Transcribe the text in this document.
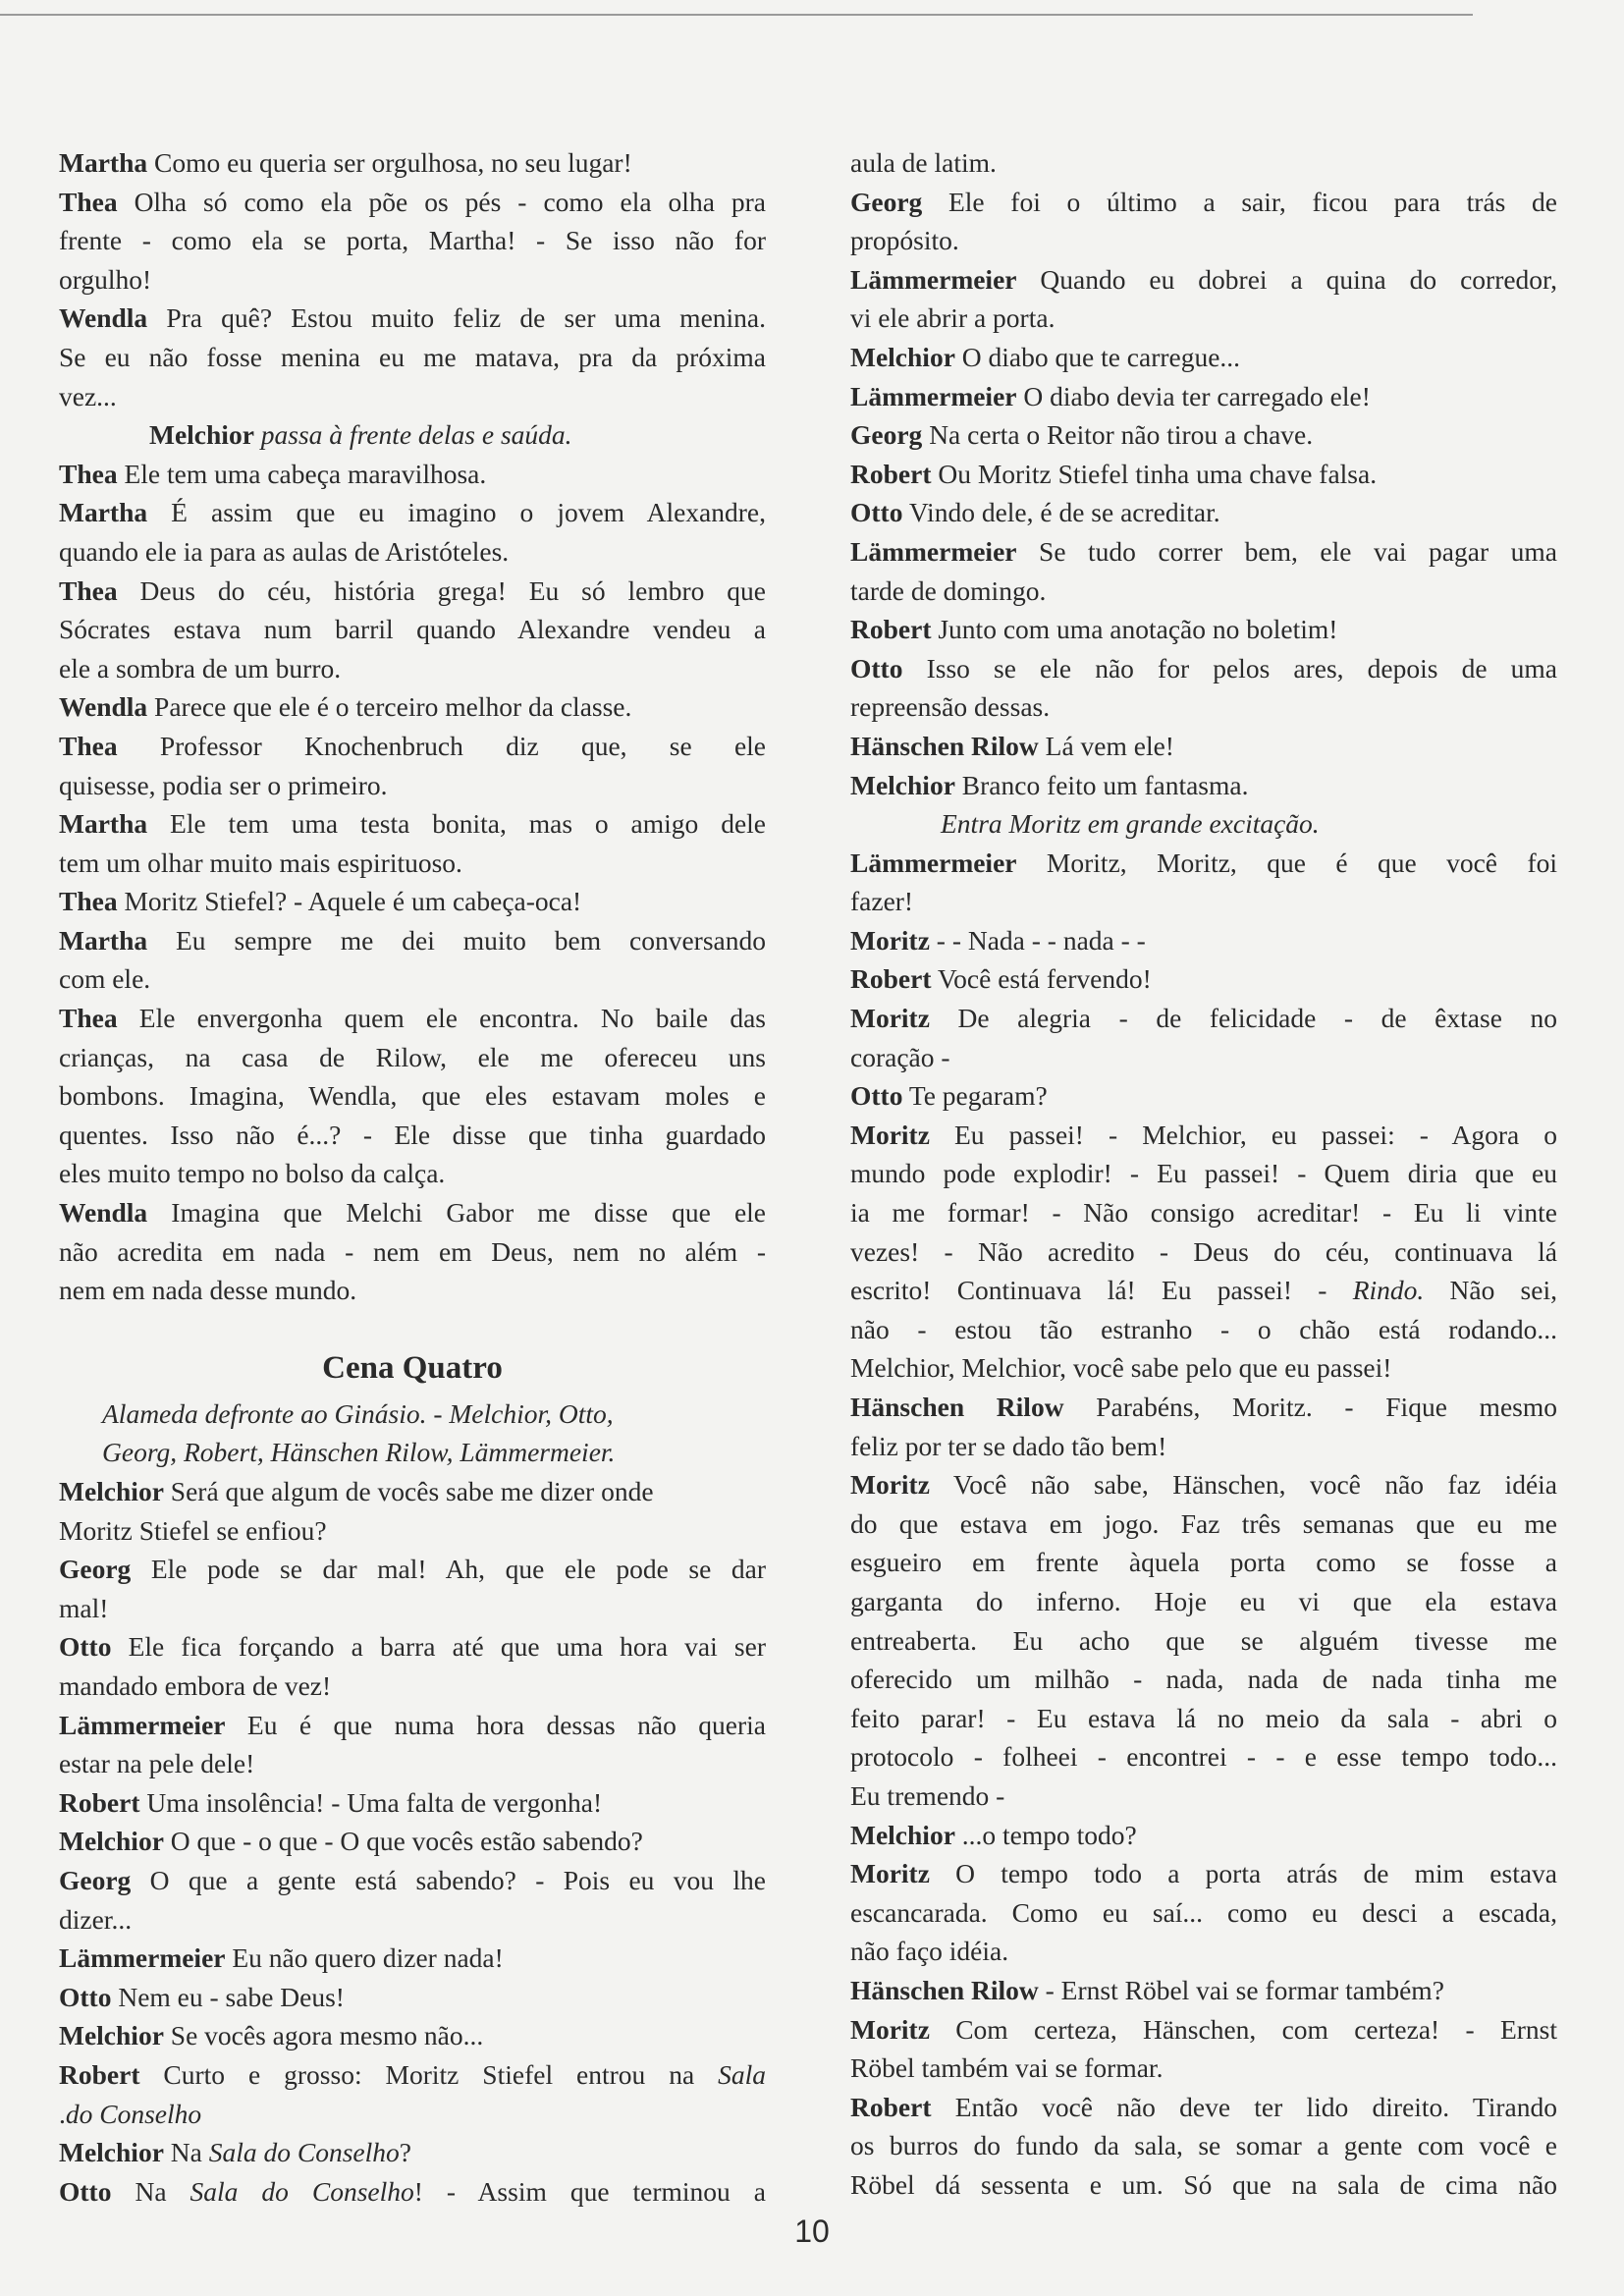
Martha Como eu queria ser orgulhosa, no seu lugar!

Thea Olha só como ela põe os pés - como ela olha pra

frente - como ela se porta, Martha! - Se isso não for

orgulho!

Wendla Pra quê? Estou muito feliz de ser uma menina.

Se eu não fosse menina eu me matava, pra da próxima

vez...

Melchior passa à frente delas e saúda.

Thea Ele tem uma cabeça maravilhosa.

Martha É assim que eu imagino o jovem Alexandre,

quando ele ia para as aulas de Aristóteles.

Thea Deus do céu, história grega! Eu só lembro que

Sócrates estava num barril quando Alexandre vendeu a

ele a sombra de um burro.

Wendla Parece que ele é o terceiro melhor da classe.

Thea Professor Knochenbruch diz que, se ele

quisesse, podia ser o primeiro.

Martha Ele tem uma testa bonita, mas o amigo dele

tem um olhar muito mais espirituoso.

Thea Moritz Stiefel? - Aquele é um cabeça-oca!

Martha Eu sempre me dei muito bem conversando

com ele.

Thea Ele envergonha quem ele encontra. No baile das

crianças, na casa de Rilow, ele me ofereceu uns

bombons. Imagina, Wendla, que eles estavam moles e

quentes. Isso não é...? - Ele disse que tinha guardado

eles muito tempo no bolso da calça.

Wendla Imagina que Melchi Gabor me disse que ele

não acredita em nada - nem em Deus, nem no além -

nem em nada desse mundo.

Cena Quatro

Alameda defronte ao Ginásio. - Melchior, Otto,

Georg, Robert, Hänschen Rilow, Lämmermeier.

Melchior Será que algum de vocês sabe me dizer onde

Moritz Stiefel se enfiou?

Georg Ele pode se dar mal! Ah, que ele pode se dar

mal!

Otto Ele fica forçando a barra até que uma hora vai ser

mandado embora de vez!

Lämmermeier Eu é que numa hora dessas não queria

estar na pele dele!

Robert Uma insolência! - Uma falta de vergonha!

Melchior O que - o que - O que vocês estão sabendo?

Georg O que a gente está sabendo? - Pois eu vou lhe

dizer...

Lämmermeier Eu não quero dizer nada!

Otto Nem eu - sabe Deus!

Melchior Se vocês agora mesmo não...

Robert Curto e grosso: Moritz Stiefel entrou na Sala

.do Conselho

Melchior Na Sala do Conselho?

Otto Na Sala do Conselho! - Assim que terminou a

aula de latim.

Georg Ele foi o último a sair, ficou para trás de

propósito.

Lämmermeier Quando eu dobrei a quina do corredor,

vi ele abrir a porta.

Melchior O diabo que te carregue...

Lämmermeier O diabo devia ter carregado ele!

Georg Na certa o Reitor não tirou a chave.

Robert Ou Moritz Stiefel tinha uma chave falsa.

Otto Vindo dele, é de se acreditar.

Lämmermeier Se tudo correr bem, ele vai pagar uma

tarde de domingo.

Robert Junto com uma anotação no boletim!

Otto Isso se ele não for pelos ares, depois de uma

repreensão dessas.

Hänschen Rilow Lá vem ele!

Melchior Branco feito um fantasma.

Entra Moritz em grande excitação.

Lämmermeier Moritz, Moritz, que é que você foi

fazer!

Moritz - - Nada - - nada - -

Robert Você está fervendo!

Moritz De alegria - de felicidade - de êxtase no

coração -

Otto Te pegaram?

Moritz Eu passei! - Melchior, eu passei: - Agora o

mundo pode explodir! - Eu passei! - Quem diria que eu

ia me formar! - Não consigo acreditar! - Eu li vinte

vezes! - Não acredito - Deus do céu, continuava lá

escrito! Continuava lá! Eu passei! - Rindo. Não sei,

não - estou tão estranho - o chão está rodando...

Melchior, Melchior, você sabe pelo que eu passei!

Hänschen Rilow Parabéns, Moritz. - Fique mesmo

feliz por ter se dado tão bem!

Moritz Você não sabe, Hänschen, você não faz idéia

do que estava em jogo. Faz três semanas que eu me

esgueiro em frente àquela porta como se fosse a

garganta do inferno. Hoje eu vi que ela estava

entreaberta. Eu acho que se alguém tivesse me

oferecido um milhão - nada, nada de nada tinha me

feito parar! - Eu estava lá no meio da sala - abri o

protocolo - folheei - encontrei - - e esse tempo todo...

Eu tremendo -

Melchior ...o tempo todo?

Moritz O tempo todo a porta atrás de mim estava

escancarada. Como eu saí... como eu desci a escada,

não faço idéia.

Hänschen Rilow - Ernst Röbel vai se formar também?

Moritz Com certeza, Hänschen, com certeza! - Ernst

Röbel também vai se formar.

Robert Então você não deve ter lido direito. Tirando

os burros do fundo da sala, se somar a gente com você e

Röbel dá sessenta e um. Só que na sala de cima não

10
